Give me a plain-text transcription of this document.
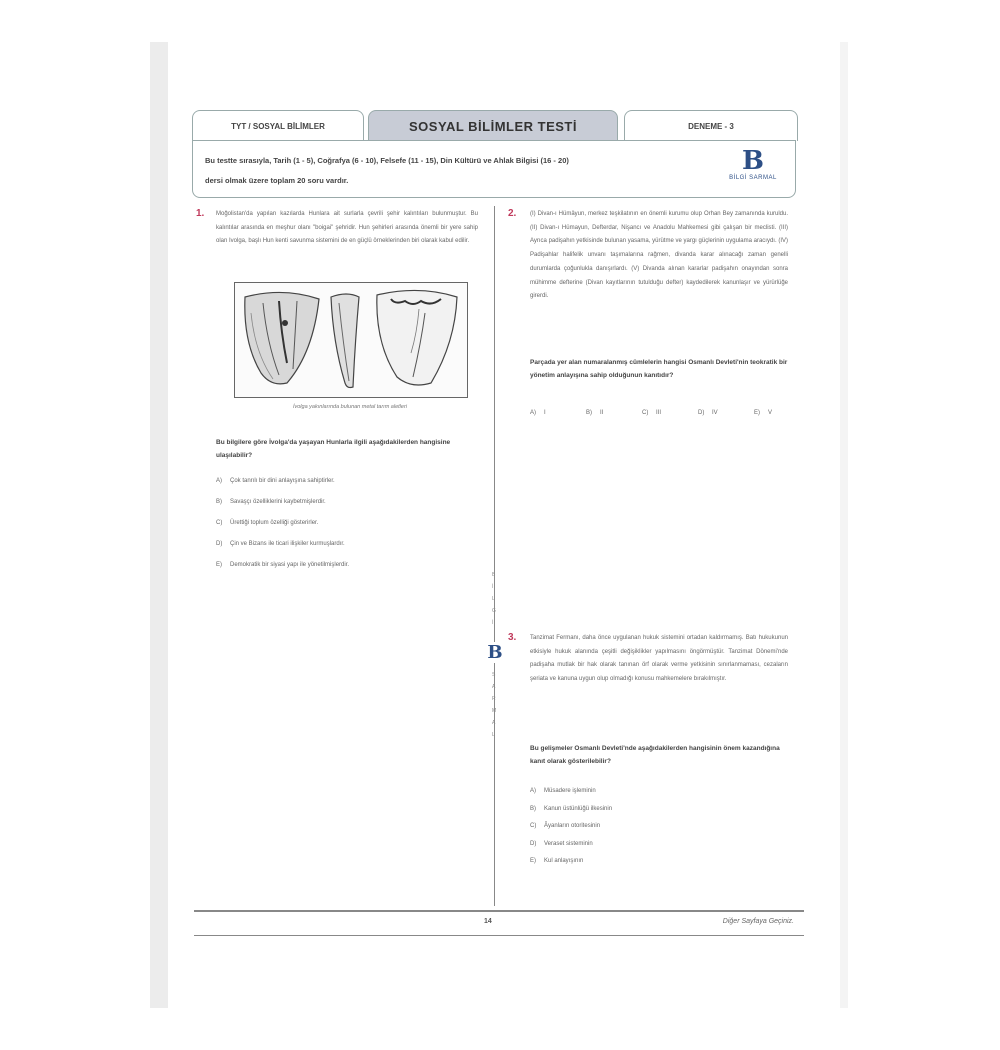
TYT / SOSYAL BİLİMLER	SOSYAL BİLİMLER TESTİ	DENEME - 3
Bu testte sırasıyla, Tarih (1 - 5), Coğrafya (6 - 10), Felsefe (11 - 15), Din Kültürü ve Ahlak Bilgisi (16 - 20)
dersi olmak üzere toplam 20 soru vardır.
B
BİLGİ SARMAL
B
İ
L
G
İ
S
A
R
M
A
L
B
1. Moğolistan'da yapılan kazılarda Hunlara ait surlarla çevrili şehir kalıntıları bulunmuştur. Bu kalıntılar arasında en meşhur olanı "boigai" şehridir. Hun şehirleri arasında önemli bir yere sahip olan Ivolga, başlı Hun kenti savunma sistemini de en güçlü örneklerinden biri olarak kabul edilir.
İvolga yakınlarında bulunan metal tarım aletleri
Bu bilgilere göre İvolga'da yaşayan Hunlarla ilgili aşağıdakilerden hangisine ulaşılabilir?
A) Çok tanrılı bir dini anlayışına sahiptirler.
B) Savaşçı özelliklerini kaybetmişlerdir.
C) Ürettiği toplum özelliği gösterirler.
D) Çin ve Bizans ile ticari ilişkiler kurmuşlardır.
E) Demokratik bir siyasi yapı ile yönetilmişlerdir.
2. (I) Divan-ı Hümâyun, merkez teşkilatının en önemli kurumu olup Orhan Bey zamanında kuruldu. (II) Divan-ı Hümayun, Defterdar, Nişancı ve Anadolu Mahkemesi gibi çalışan bir meclisti. (III) Ayrıca padişahın yetkisinde bulunan yasama, yürütme ve yargı güçlerinin uygulama aracıydı. (IV) Padişahlar halifelik unvanı taşımalarına rağmen, divanda karar alınacağı zaman genelli durumlarda çoğunlukla danışırlardı. (V) Divanda alınan kararlar padişahın onayından sonra mühimme defterine (Divan kayıtlarının tutulduğu defter) kaydedilerek kanunlaşır ve yürürlüğe girerdi.
Parçada yer alan numaralanmış cümlelerin hangisi Osmanlı Devleti'nin teokratik bir yönetim anlayışına sahip olduğunun kanıtıdır?
A) I	B) II	C) III	D) IV	E) V
3. Tanzimat Fermanı, daha önce uygulanan hukuk sistemini ortadan kaldırmamış. Batı hukukunun etkisiyle hukuk alanında çeşitli değişiklikler yapılmasını öngörmüştür. Tanzimat Dönemi'nde padişaha mutlak bir hak olarak tanınan örf olarak verme yetkisinin sınırlanmaması, cezaların şeriata ve kanuna uygun olup olmadığı konusu mahkemelere bırakılmıştır.
Bu gelişmeler Osmanlı Devleti'nde aşağıdakilerden hangisinin önem kazandığına kanıt olarak gösterilebilir?
A) Müsadere işleminin
B) Kanun üstünlüğü ilkesinin
C) Âyanların otoritesinin
D) Veraset sisteminin
E) Kul anlayışının
14	Diğer Sayfaya Geçiniz.
